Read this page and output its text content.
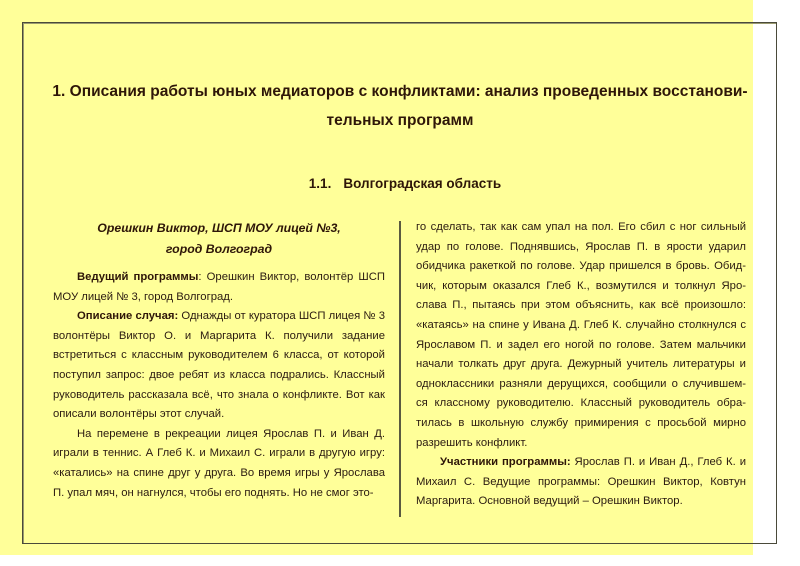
1. Описания работы юных медиаторов с конфликтами: анализ проведенных восстанови-
тельных программ
1.1. Волгоградская область
Орешкин Виктор, ШСП МОУ лицей №3,
город Волгоград

Ведущий программы: Орешкин Виктор, волонтёр ШСП МОУ лицей № 3, город Волгоград.

Описание случая: Однажды от куратора ШСП лицея № 3 волонтёры Виктор О. и Маргарита К. получили задание встретиться с классным руководителем 6 класса, от которой поступил запрос: двое ребят из класса подрались. Классный руководитель рассказала всё, что знала о конфликте. Вот как описали волонтёры этот случай.

На перемене в рекреации лицея Ярослав П. и Иван Д. играли в теннис. А Глеб К. и Михаил С. играли в другую игру: «катались» на спине друг у друга. Во время игры у Ярослава П. упал мяч, он нагнулся, чтобы его поднять. Но не смог это-

го сделать, так как сам упал на пол. Его сбил с ног сильный удар по голове. Поднявшись, Ярослав П. в ярости ударил обидчика ракеткой по голове. Удар пришелся в бровь. Обид-чик, которым оказался Глеб К., возмутился и толкнул Яро-слава П., пытаясь при этом объяснить, как всё произошло: «катаясь» на спине у Ивана Д. Глеб К. случайно столкнулся с Ярославом П. и задел его ногой по голове. Затем мальчики начали толкать друг друга. Дежурный учитель литературы и одноклассники разняли дерущихся, сообщили о случившем-ся классному руководителю. Классный руководитель обра-тилась в школьную службу примирения с просьбой мирно разрешить конфликт.

Участники программы: Ярослав П. и Иван Д., Глеб К. и Михаил С. Ведущие программы: Орешкин Виктор, Ковтун Маргарита. Основной ведущий – Орешкин Виктор.
